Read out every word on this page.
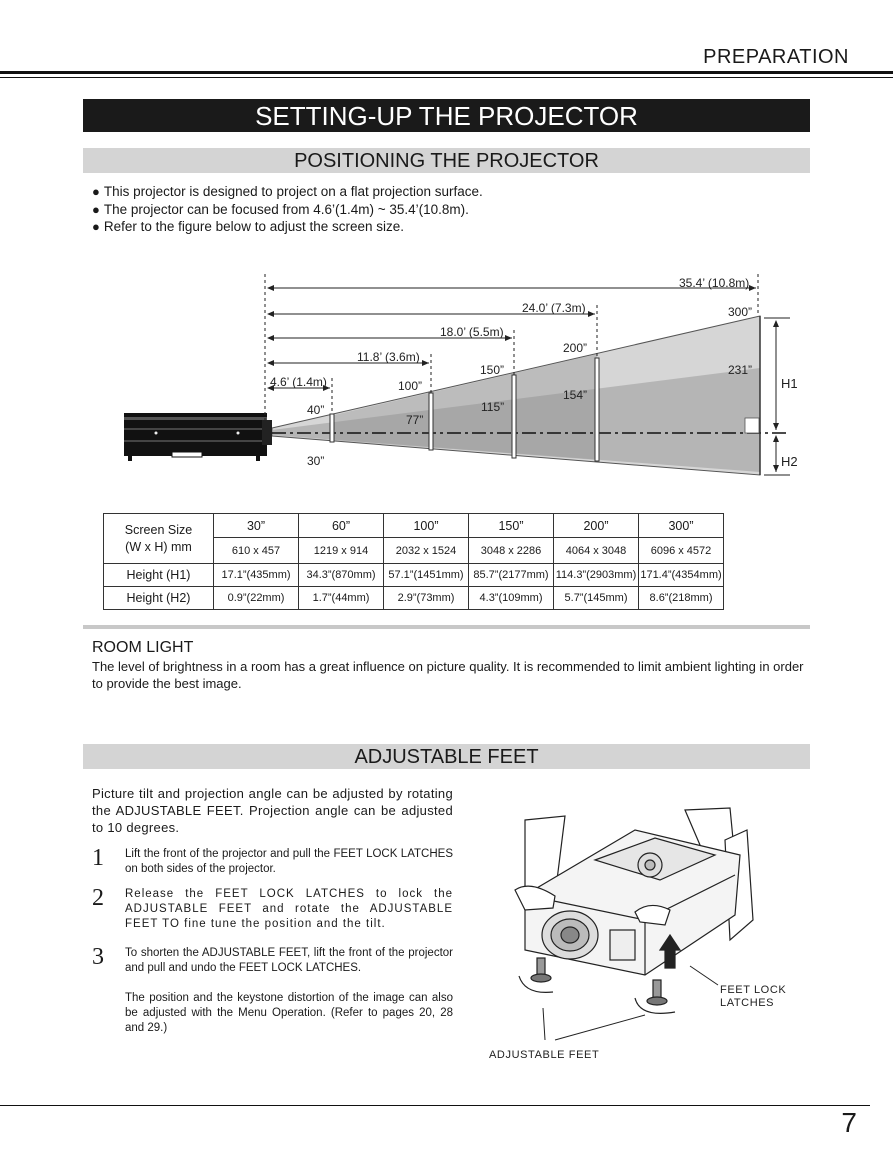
PREPARATION
SETTING-UP THE PROJECTOR
POSITIONING THE PROJECTOR
● This projector is designed to project on a flat projection surface.
● The projector can be focused from 4.6’(1.4m) ~ 35.4’(10.8m).
● Refer to the figure below to adjust the screen size.
35.4’ (10.8m)
24.0’ (7.3m)
18.0’ (5.5m)
11.8’ (3.6m)
4.6’ (1.4m)
300”
200”
150”
100”
40”
30”
77”
115”
154”
231”
H1
H2
Screen Size
(W x H) mm	30”	60”	100”	150”	200”	300”
	610 x 457	1219 x 914	2032 x 1524	3048 x 2286	4064 x 3048	6096 x 4572
Height (H1)	17.1”(435mm)	34.3”(870mm)	57.1”(1451mm)	85.7”(2177mm)	114.3”(2903mm)	171.4”(4354mm)
Height (H2)	0.9”(22mm)	1.7”(44mm)	2.9”(73mm)	4.3”(109mm)	5.7”(145mm)	8.6”(218mm)
ROOM LIGHT
The level of brightness in a room has a great influence on picture quality. It is recommended to limit ambient lighting in order to provide the best image.
ADJUSTABLE FEET
Picture tilt and projection angle can be adjusted by rotating the ADJUSTABLE FEET. Projection angle can be adjusted to 10 degrees.
1 Lift the front of the projector and pull the FEET LOCK LATCHES on both sides of the projector.
2 Release the FEET LOCK LATCHES to lock the ADJUSTABLE FEET and rotate the ADJUSTABLE FEET TO fine tune the position and the tilt.
3 To shorten the ADJUSTABLE FEET, lift the front of the projector and pull and undo the FEET LOCK LATCHES.
The position and the keystone distortion of the image can also be adjusted with the Menu Operation. (Refer to pages 20, 28 and 29.)
FEET LOCK
LATCHES
ADJUSTABLE FEET
7
